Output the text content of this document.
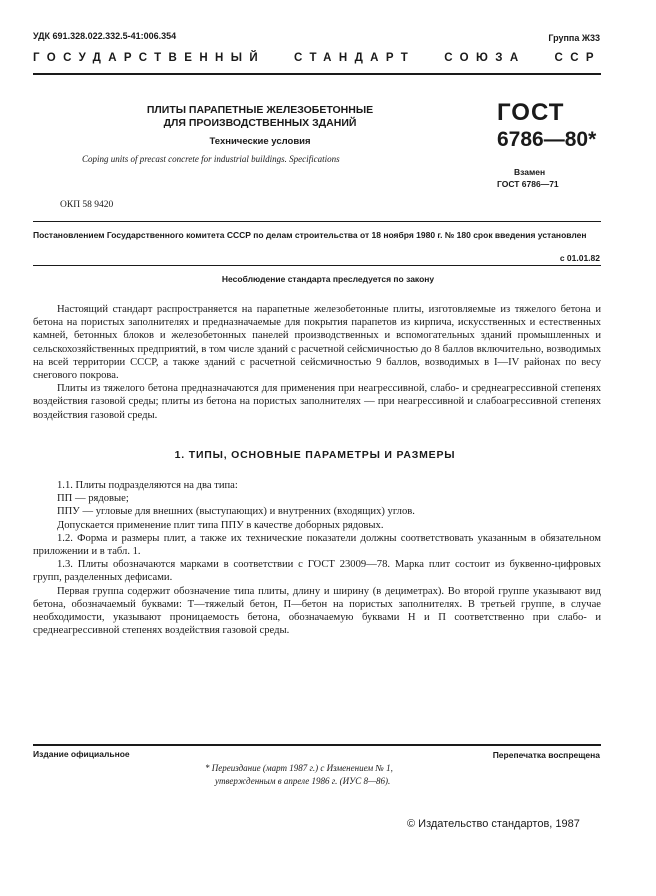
УДК 691.328.022.332.5-41:006.354	Группа Ж33
ГОСУДАРСТВЕННЫЙ	СТАНДАРТ	СОЮЗА	ССР
ПЛИТЫ ПАРАПЕТНЫЕ ЖЕЛЕЗОБЕТОННЫЕ
ДЛЯ ПРОИЗВОДСТВЕННЫХ ЗДАНИЙ
Технические условия
Coping units of precast concrete for industrial buildings. Specifications
ГОСТ
6786—80*
Взамен
ГОСТ 6786—71
ОКП 58 9420
Постановлением Государственного комитета СССР по делам строительства от 18 ноября 1980 г. № 180 срок введения установлен
с 01.01.82
Несоблюдение стандарта преследуется по закону

Настоящий стандарт распространяется на парапетные железобетонные плиты, изготовляемые из тяжелого бетона и бетона на пористых заполнителях и предназначаемые для покрытия парапетов из кирпича, искусственных и естественных камней, бетонных блоков и железобетонных панелей производственных и вспомогательных зданий промышленных и сельскохозяйственных предприятий, в том числе зданий с расчетной сейсмичностью до 8 баллов включительно, возводимых на всей территории СССР, а также зданий с расчетной сейсмичностью 9 баллов, возводимых в I—IV районах по весу снегового покрова.

Плиты из тяжелого бетона предназначаются для применения при неагрессивной, слабо- и среднеагрессивной степенях воздействия газовой среды; плиты из бетона на пористых заполнителях — при неагрессивной и слабоагрессивной степенях воздействия газовой среды.

1. ТИПЫ, ОСНОВНЫЕ ПАРАМЕТРЫ И РАЗМЕРЫ

1.1. Плиты подразделяются на два типа:

ПП — рядовые;

ППУ — угловые для внешних (выступающих) и внутренних (входящих) углов.

Допускается применение плит типа ППУ в качестве доборных рядовых.

1.2. Форма и размеры плит, а также их технические показатели должны соответствовать указанным в обязательном приложении и в табл. 1.

1.3. Плиты обозначаются марками в соответствии с ГОСТ 23009—78. Марка плит состоит из буквенно-цифровых групп, разделенных дефисами.

Первая группа содержит обозначение типа плиты, длину и ширину (в дециметрах). Во второй группе указывают вид бетона, обозначаемый буквами: Т—тяжелый бетон, П—бетон на пористых заполнителях. В третьей группе, в случае необходимости, указывают проницаемость бетона, обозначаемую буквами Н и П соответственно при слабо- и среднеагрессивной степенях воздействия газовой среды.

Издание официальное	Перепечатка воспрещена
* Переиздание (март 1987 г.) с Изменением № 1,
утвержденным в апреле 1986 г. (ИУС 8—86).
© Издательство стандартов, 1987
